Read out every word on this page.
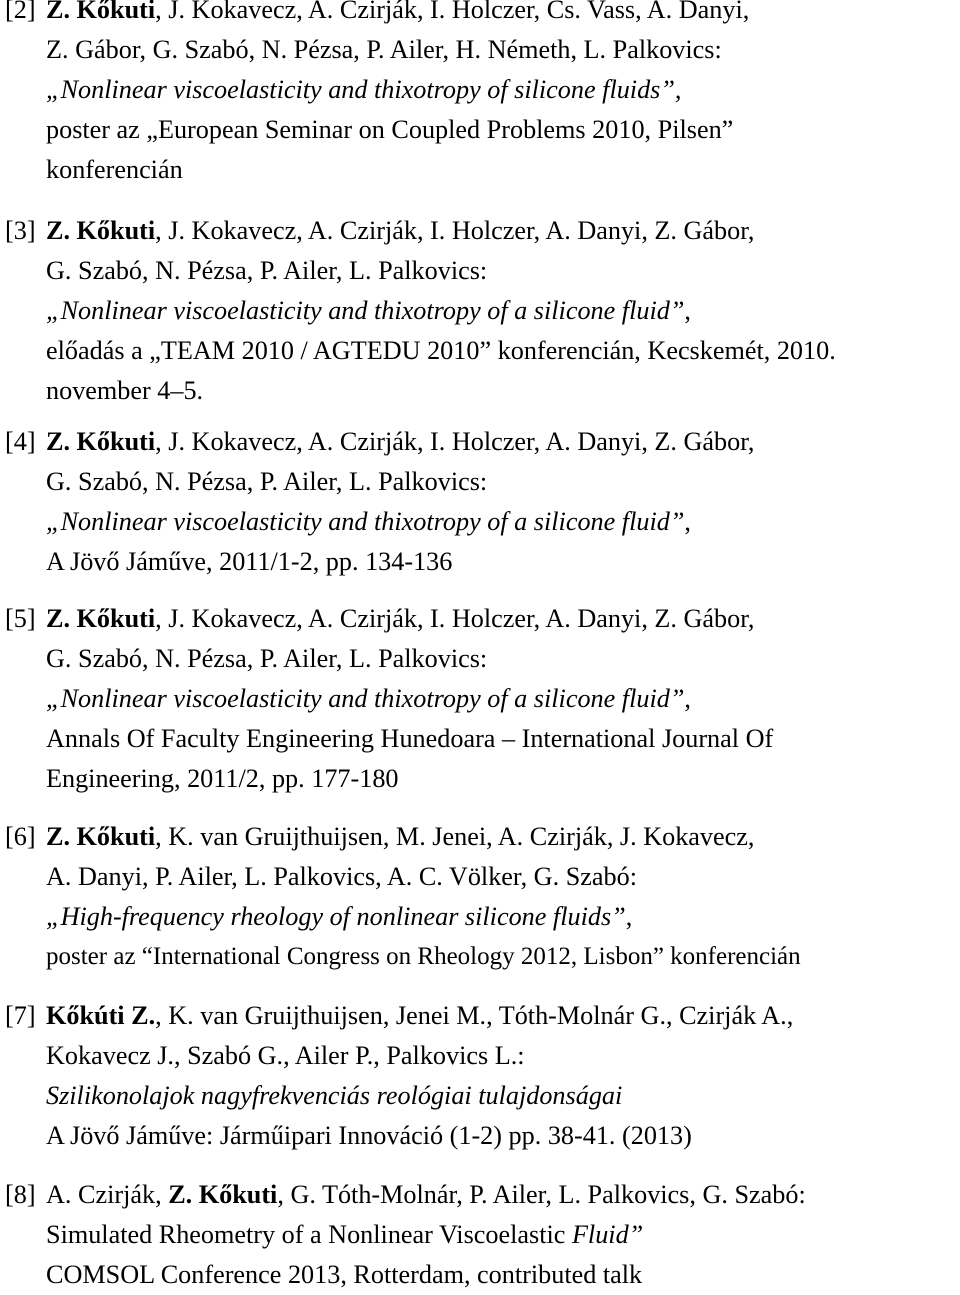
[2] Z. Kőkuti, J. Kokavecz, A. Czirják, I. Holczer, Cs. Vass, A. Danyi,
Z. Gábor, G. Szabó, N. Pézsa, P. Ailer, H. Németh, L. Palkovics:
„Nonlinear viscoelasticity and thixotropy of silicone fluids”,
poster az „European Seminar on Coupled Problems 2010, Pilsen”
konferencián
[3] Z. Kőkuti, J. Kokavecz, A. Czirják, I. Holczer, A. Danyi, Z. Gábor,
G. Szabó, N. Pézsa, P. Ailer, L. Palkovics:
„Nonlinear viscoelasticity and thixotropy of a silicone fluid”,
előadás a „TEAM 2010 / AGTEDU 2010” konferencián, Kecskemét, 2010.
november 4–5.
[4] Z. Kőkuti, J. Kokavecz, A. Czirják, I. Holczer, A. Danyi, Z. Gábor,
G. Szabó, N. Pézsa, P. Ailer, L. Palkovics:
„Nonlinear viscoelasticity and thixotropy of a silicone fluid”,
A Jövő Jáműve, 2011/1-2, pp. 134-136
[5] Z. Kőkuti, J. Kokavecz, A. Czirják, I. Holczer, A. Danyi, Z. Gábor,
G. Szabó, N. Pézsa, P. Ailer, L. Palkovics:
„Nonlinear viscoelasticity and thixotropy of a silicone fluid”,
Annals Of Faculty Engineering Hunedoara – International Journal Of
Engineering, 2011/2, pp. 177-180
[6] Z. Kőkuti, K. van Gruijthuijsen, M. Jenei, A. Czirják, J. Kokavecz,
A. Danyi, P. Ailer, L. Palkovics, A. C. Völker, G. Szabó:
„High-frequency rheology of nonlinear silicone fluids”,
poster az “International Congress on Rheology 2012, Lisbon” konferencián
[7] Kőkúti Z., K. van Gruijthuijsen, Jenei M., Tóth-Molnár G., Czirják A.,
Kokavecz J., Szabó G., Ailer P., Palkovics L.:
Szilikonolajok nagyfrekvenciás reológiai tulajdonságai
A Jövő Jáműve: Járműipari Innováció (1-2) pp. 38-41. (2013)
[8] A. Czirják, Z. Kőkuti, G. Tóth-Molnár, P. Ailer, L. Palkovics, G. Szabó:
Simulated Rheometry of a Nonlinear Viscoelastic Fluid”
COMSOL Conference 2013, Rotterdam, contributed talk
